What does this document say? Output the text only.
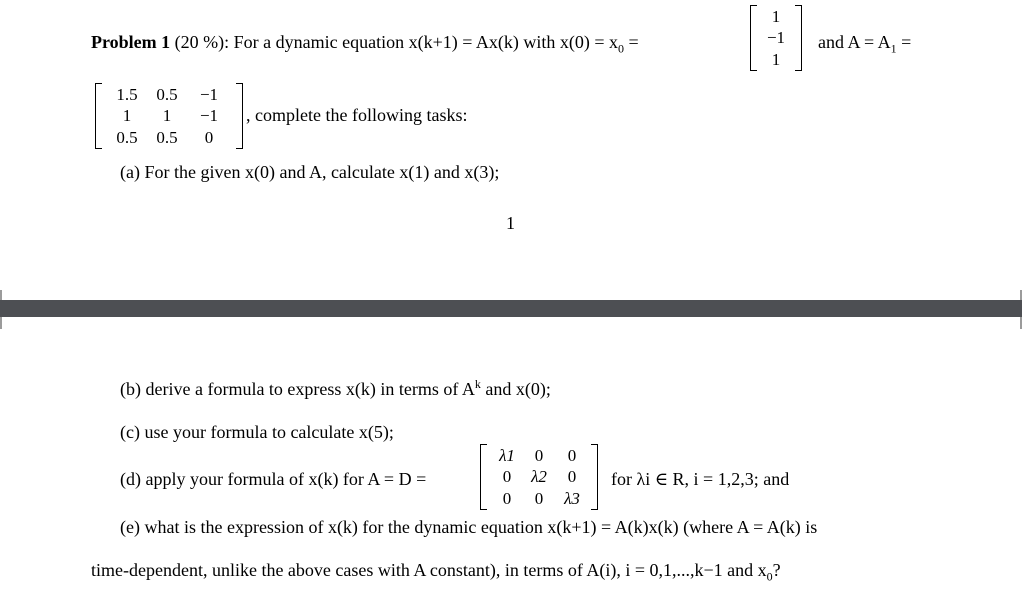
Problem 1 (20 %): For a dynamic equation x(k+1) = Ax(k) with $x(0) = x_0$ =
1
−1
1
and $A = A_1$ =
1.5	0.5	−1
1	1	−1
0.5	0.5	0
, complete the following tasks:
(a) For the given x(0) and A, calculate x(1) and x(3);
1
(b) derive a formula to express x(k) in terms of $A^k$ and x(0);
(c) use your formula to calculate x(5);
(d) apply your formula of x(k) for A = D =
λ1	0	0
0	λ2	0
0	0	λ3
for λi ∈ R, i = 1,2,3; and
(e) what is the expression of x(k) for the dynamic equation x(k+1) = A(k)x(k) (where A = A(k) is
time-dependent, unlike the above cases with A constant), in terms of A(i), i = 0,1,...,k−1 and $x_0$?
